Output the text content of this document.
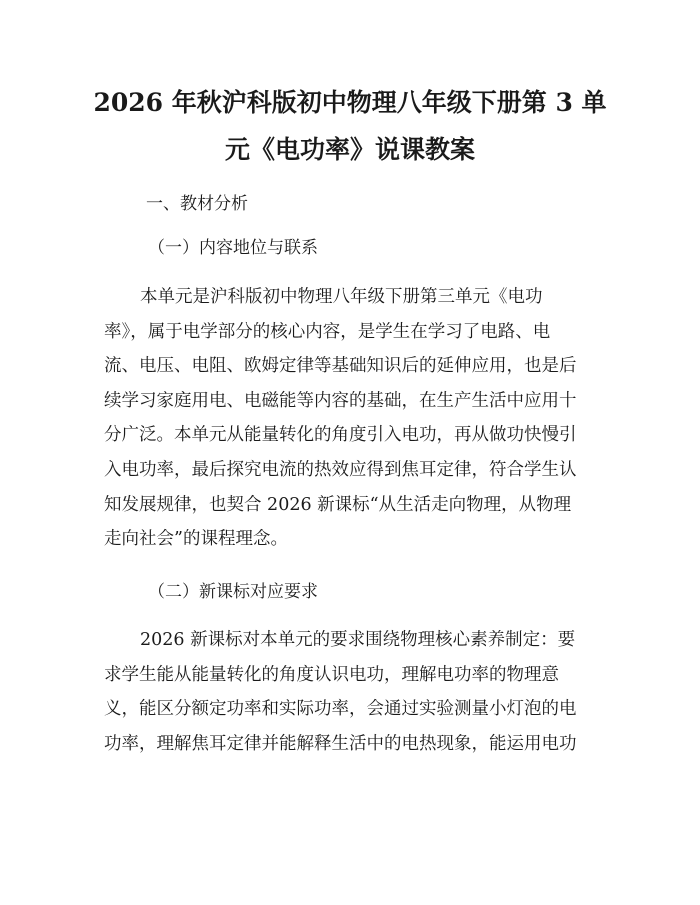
2026 年秋沪科版初中物理八年级下册第 3 单
元《电功率》说课教案

一、教材分析

（一）内容地位与联系

本单元是沪科版初中物理八年级下册第三单元《电功
率》，属于电学部分的核心内容，是学生在学习了电路、电
流、电压、电阻、欧姆定律等基础知识后的延伸应用，也是后
续学习家庭用电、电磁能等内容的基础，在生产生活中应用十
分广泛。本单元从能量转化的角度引入电功，再从做功快慢引
入电功率，最后探究电流的热效应得到焦耳定律，符合学生认
知发展规律，也契合 2026 新课标“从生活走向物理，从物理
走向社会”的课程理念。

（二）新课标对应要求

2026 新课标对本单元的要求围绕物理核心素养制定：要
求学生能从能量转化的角度认识电功，理解电功率的物理意
义，能区分额定功率和实际功率，会通过实验测量小灯泡的电
功率，理解焦耳定律并能解释生活中的电热现象，能运用电功
